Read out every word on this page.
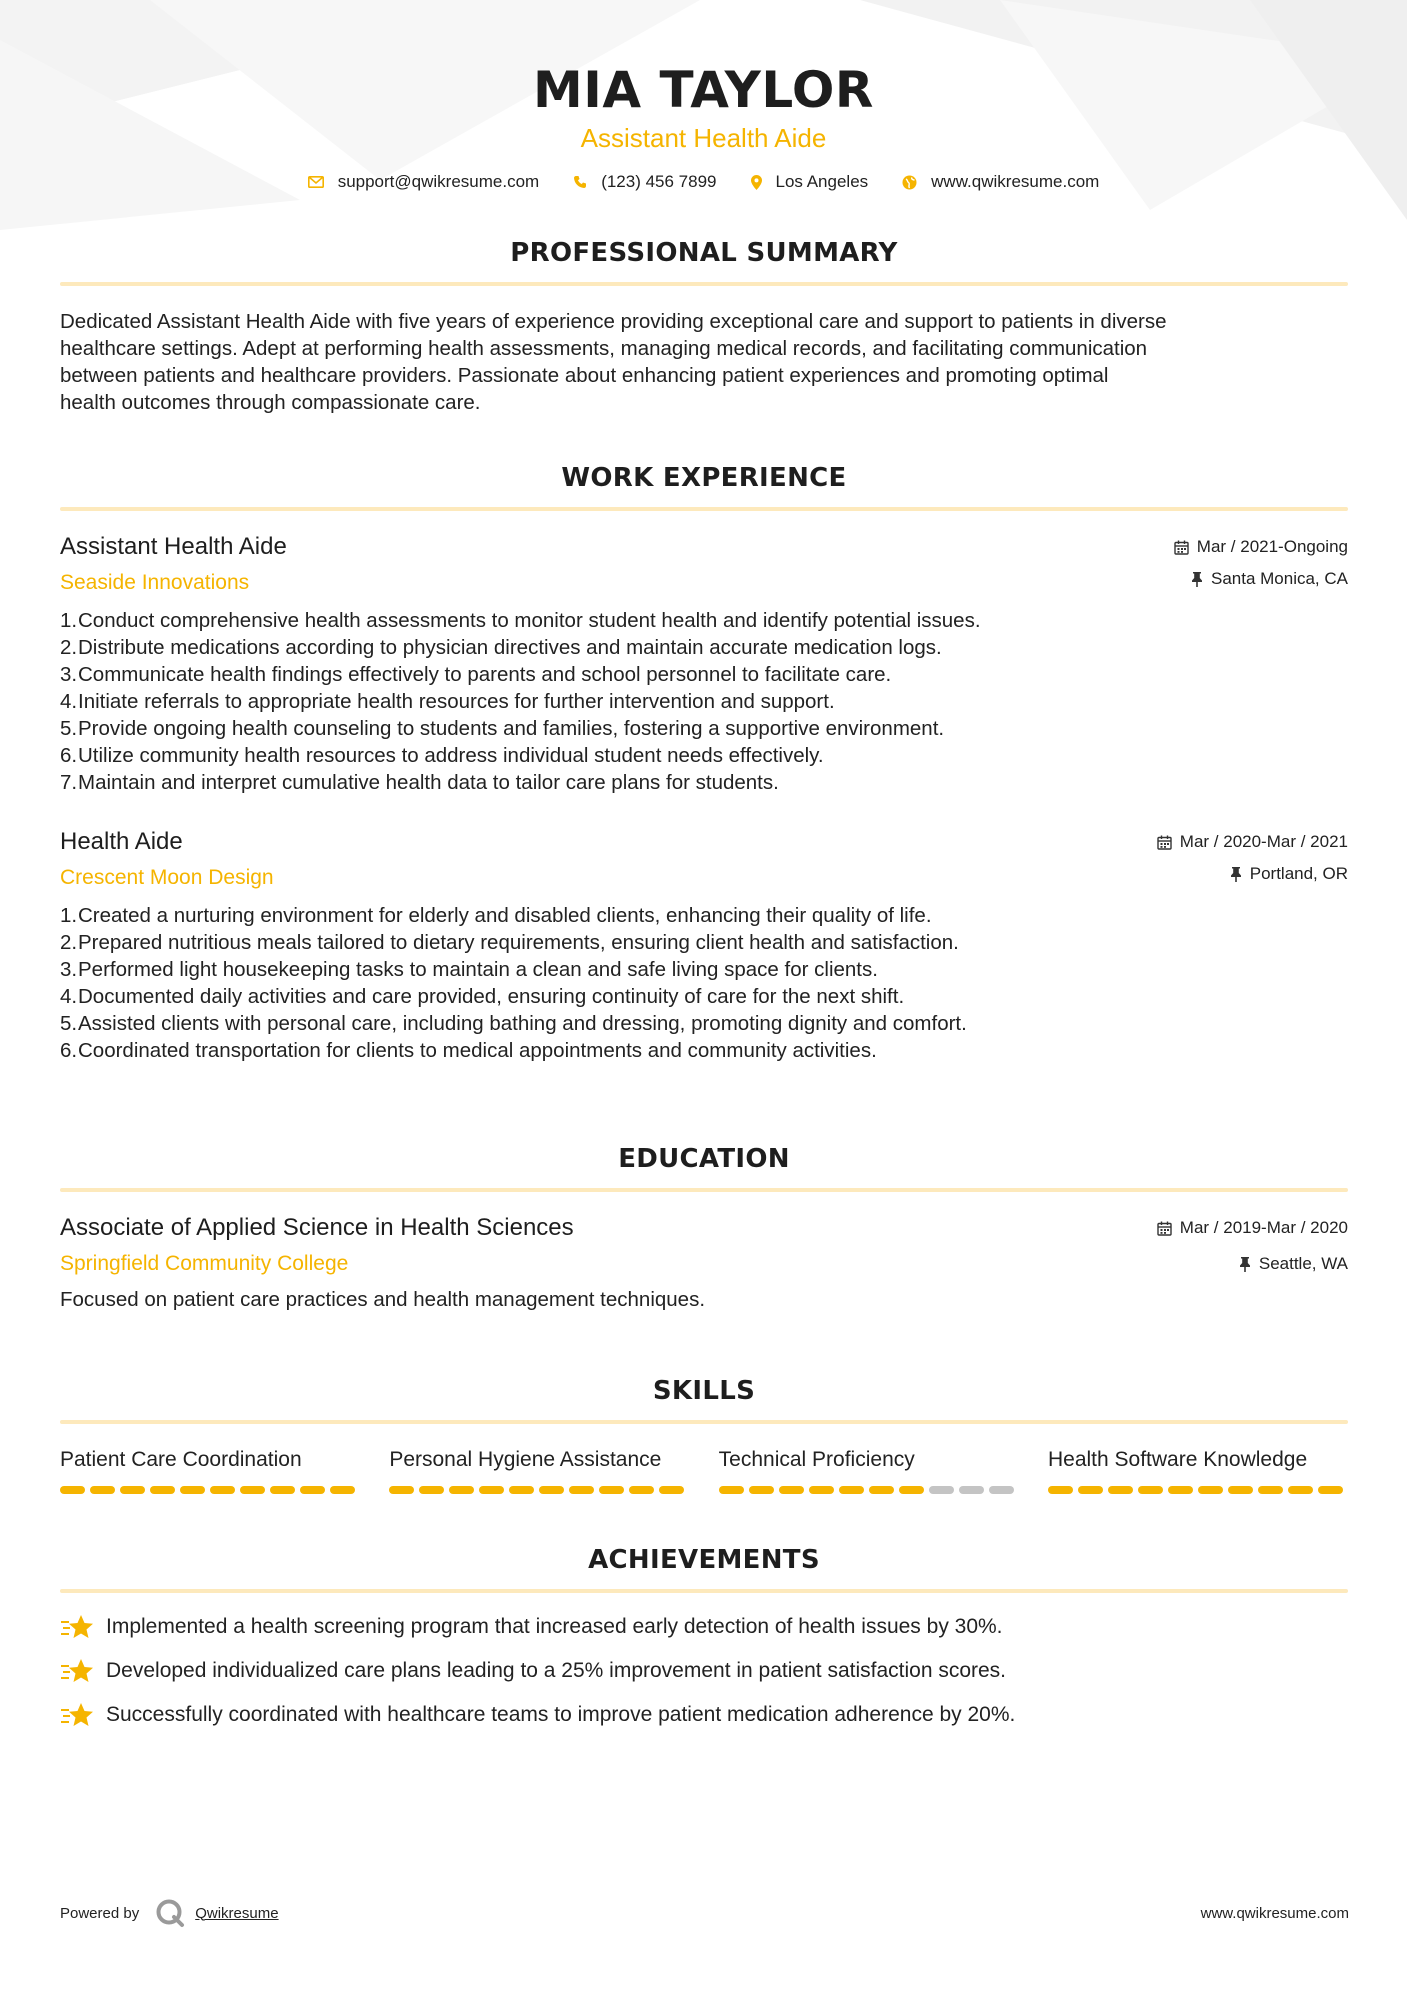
MIA TAYLOR
Assistant Health Aide
support@qwikresume.com	(123) 456 7899	Los Angeles	www.qwikresume.com
PROFESSIONAL SUMMARY
Dedicated Assistant Health Aide with five years of experience providing exceptional care and support to patients in diverse
healthcare settings. Adept at performing health assessments, managing medical records, and facilitating communication
between patients and healthcare providers. Passionate about enhancing patient experiences and promoting optimal
health outcomes through compassionate care.
WORK EXPERIENCE
Assistant Health Aide
Seaside Innovations
Mar / 2021-Ongoing
Santa Monica, CA
1. Conduct comprehensive health assessments to monitor student health and identify potential issues.
2. Distribute medications according to physician directives and maintain accurate medication logs.
3. Communicate health findings effectively to parents and school personnel to facilitate care.
4. Initiate referrals to appropriate health resources for further intervention and support.
5. Provide ongoing health counseling to students and families, fostering a supportive environment.
6. Utilize community health resources to address individual student needs effectively.
7. Maintain and interpret cumulative health data to tailor care plans for students.
Health Aide
Crescent Moon Design
Mar / 2020-Mar / 2021
Portland, OR
1. Created a nurturing environment for elderly and disabled clients, enhancing their quality of life.
2. Prepared nutritious meals tailored to dietary requirements, ensuring client health and satisfaction.
3. Performed light housekeeping tasks to maintain a clean and safe living space for clients.
4. Documented daily activities and care provided, ensuring continuity of care for the next shift.
5. Assisted clients with personal care, including bathing and dressing, promoting dignity and comfort.
6. Coordinated transportation for clients to medical appointments and community activities.
EDUCATION
Associate of Applied Science in Health Sciences
Springfield Community College
Mar / 2019-Mar / 2020
Seattle, WA
Focused on patient care practices and health management techniques.
SKILLS
Patient Care Coordination	Personal Hygiene Assistance	Technical Proficiency	Health Software Knowledge
ACHIEVEMENTS
Implemented a health screening program that increased early detection of health issues by 30%.
Developed individualized care plans leading to a 25% improvement in patient satisfaction scores.
Successfully coordinated with healthcare teams to improve patient medication adherence by 20%.
Powered by	Qwikresume	www.qwikresume.com
